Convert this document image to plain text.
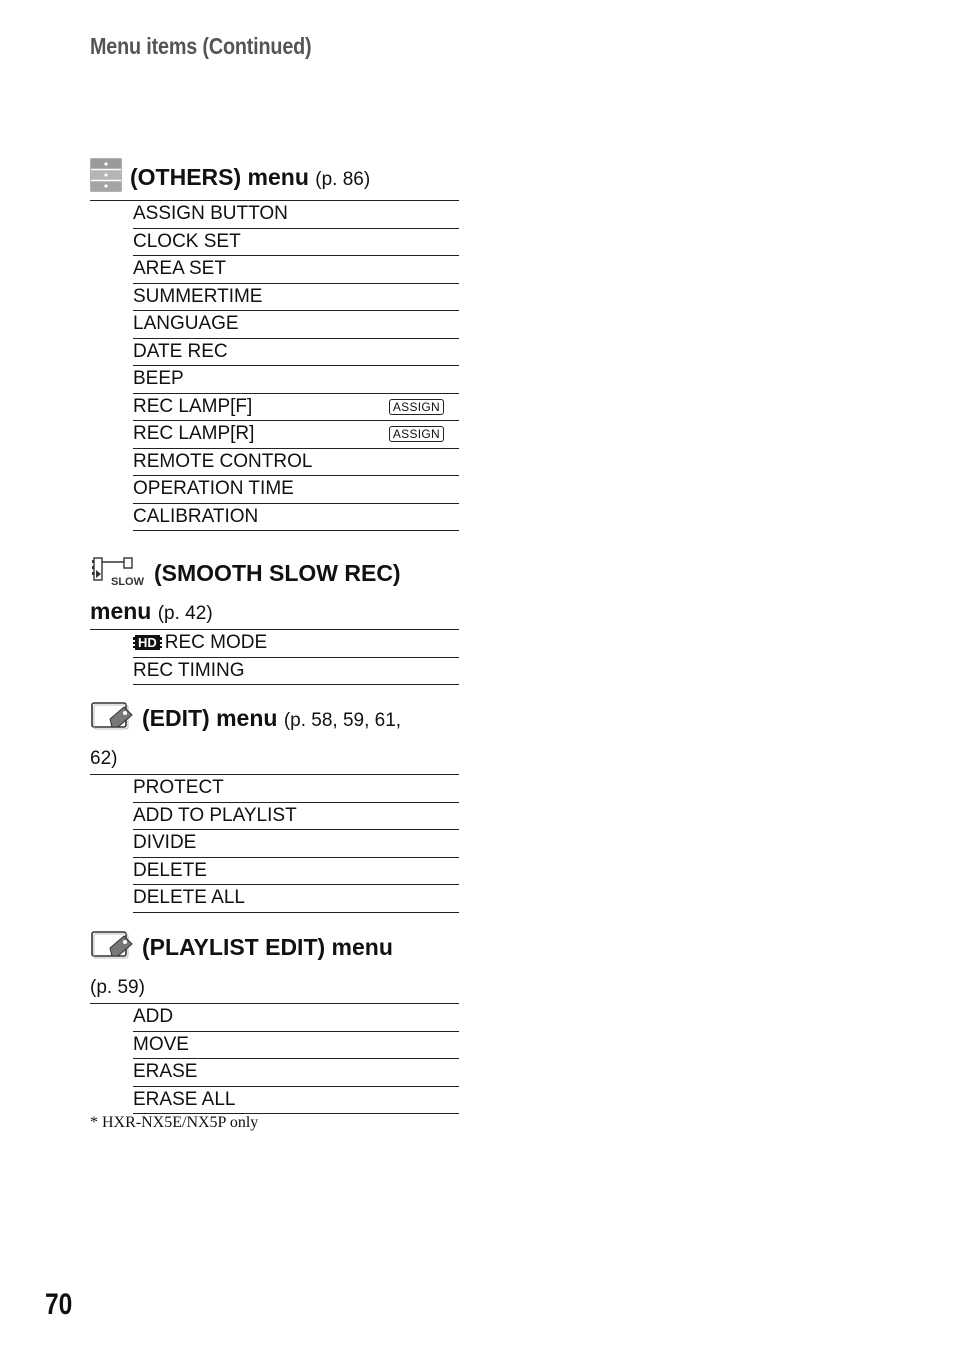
Menu items (Continued)
(OTHERS) menu (p. 86)
ASSIGN BUTTON
CLOCK SET
AREA SET
SUMMERTIME
LANGUAGE
DATE REC
BEEP
REC LAMP[F]	ASSIGN
REC LAMP[R]	ASSIGN
REMOTE CONTROL
OPERATION TIME
CALIBRATION
SLOW (SMOOTH SLOW REC)
menu (p. 42)
HD REC MODE
REC TIMING
(EDIT) menu (p. 58, 59, 61,
62)
PROTECT
ADD TO PLAYLIST
DIVIDE
DELETE
DELETE ALL
(PLAYLIST EDIT) menu
(p. 59)
ADD
MOVE
ERASE
ERASE ALL
* HXR-NX5E/NX5P only
70
